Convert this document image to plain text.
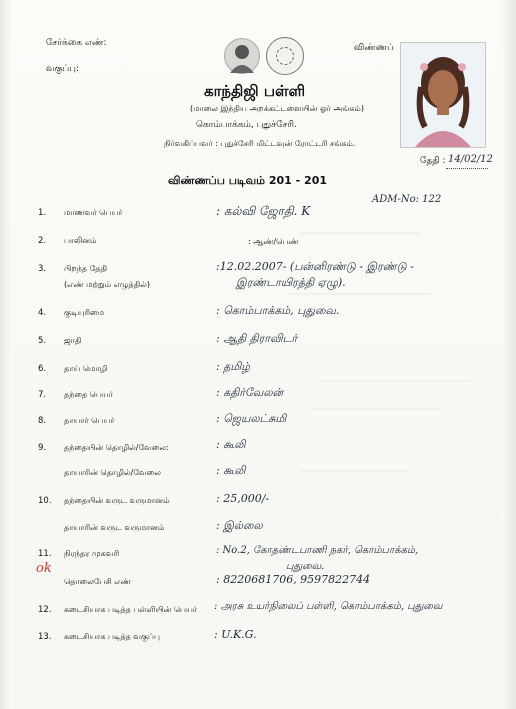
சேர்க்கை எண்:
வகுப்பு:
விண்ணப்
காந்திஜி பள்ளி
(மாலை இந்திய அறக்கட்டளையின் ஓர் அங்கம்)
கொம்பாக்கம், புதுச்சேரி.
நிர்வகிப்பவர் : புதுச்சேரி மிட்டவுன் ரோட்டரி சங்கம்.
தேதி : 14/02/12
விண்ணப்ப படிவம் 201 - 201
ADM-No: 122
1. மாணவர் பெயர்	: கல்வி ஜோதி. K
2. பாலினம்	: ஆண்/பெண்
3. பிறந்த தேதி
(எண் மற்றும் எழுத்தில்)
:12.02.2007- (பன்னிரண்டு - இரண்டு -
இரண்டாயிரத்தி ஏழு).
4. குடியுரிமை	: கொம்பாக்கம், புதுவை.
5. ஜாதி	: ஆதி திராவிடர்
6. தாய் மொழி	: தமிழ்
7. தந்தை பெயர்	: கதிர்வேலன்
8. தாயார் பெயர்	: ஜெயலட்சுமி
9. தந்தையின் தொழில்/வேலை:	: கூலி
தாயாரின் தொழில்/வேலை	: கூலி
10. தந்தையின் வருட வருமானம்	: 25,000/-
தாயாரின் வருட வருமானம்	: இல்லை
11. நிரந்தர முகவரி	: No.2, கோதண்டபாணி நகர், கொம்பாக்கம்,
புதுவை.
ok
தொலைபேசி எண்	: 8220681706, 9597822744
12. கடைசியாக படித்த பள்ளியின் பெயர் : அரசு உயர்நிலைப் பள்ளி, கொம்பாக்கம், புதுவை
13. கடைசியாக படித்த வகுப்பு	: U.K.G.
